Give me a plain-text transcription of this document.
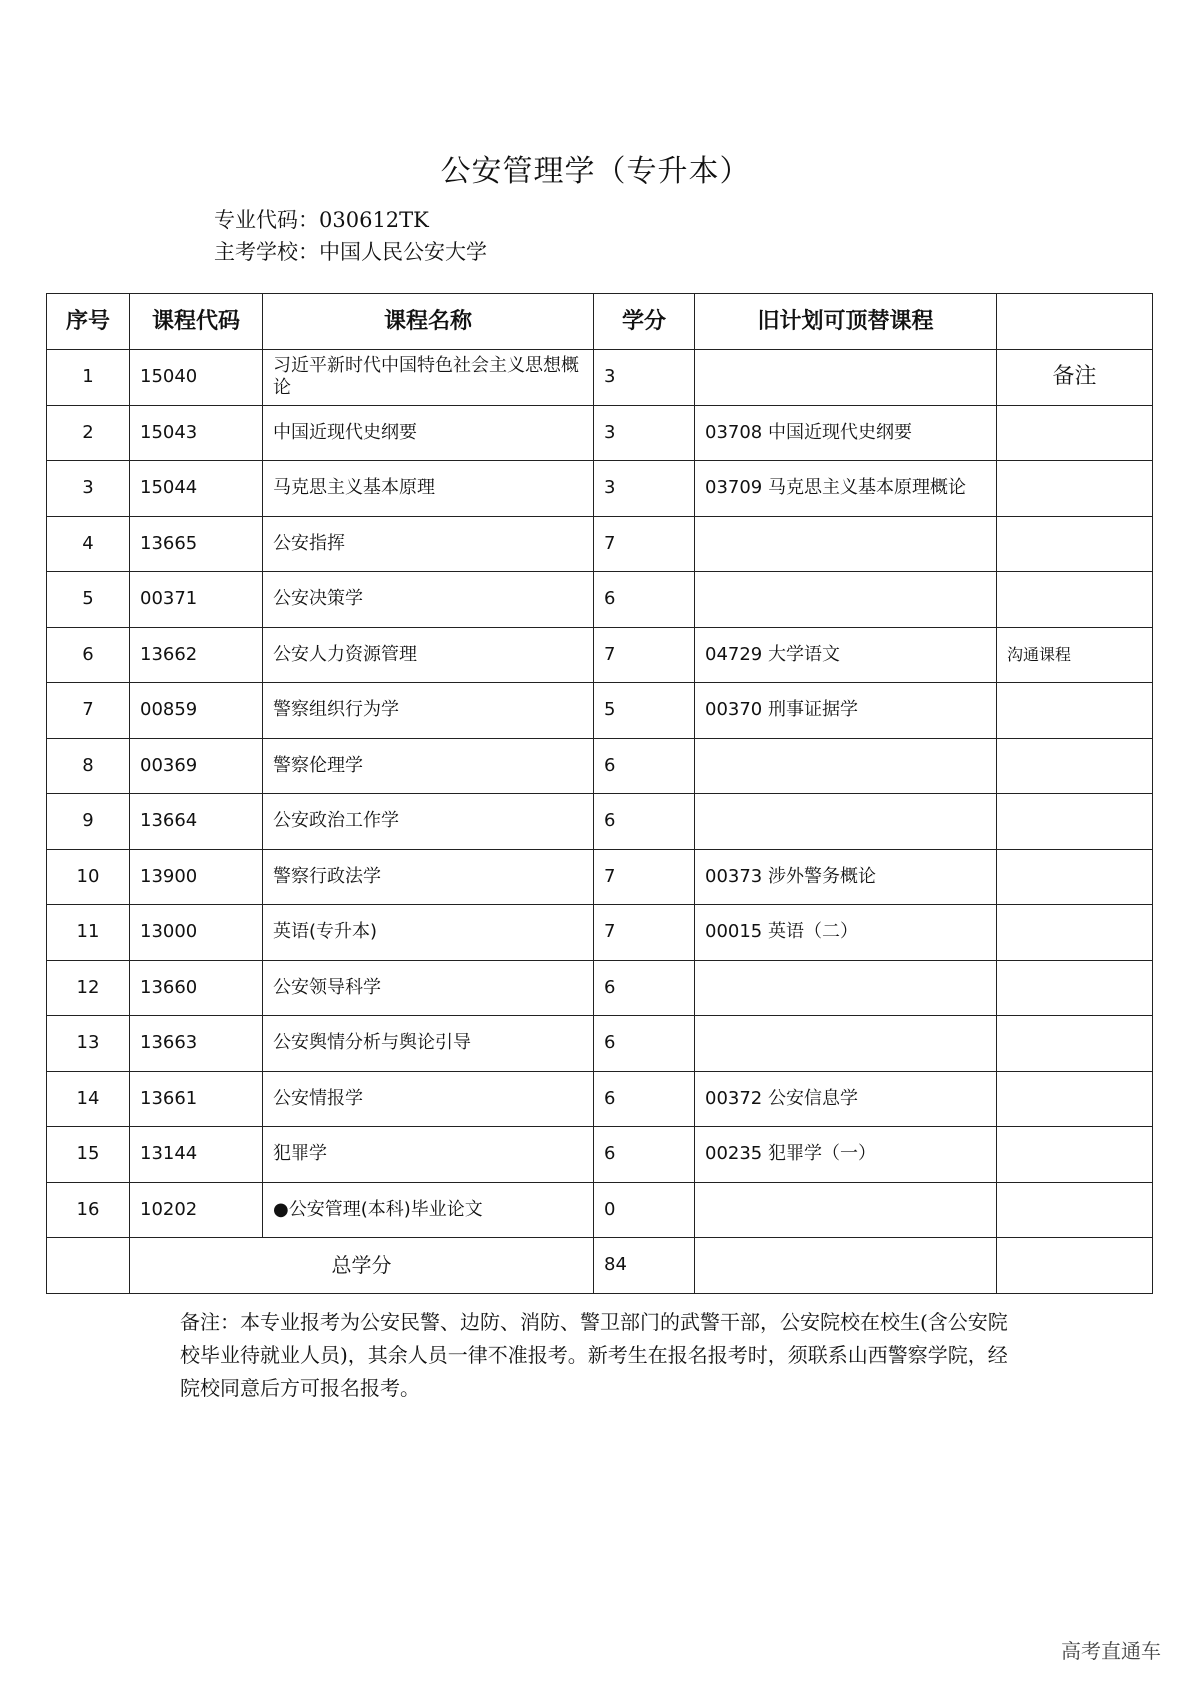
公安管理学（专升本）
专业代码：030612TK
主考学校：中国人民公安大学
序号	课程代码	课程名称	学分	旧计划可顶替课程	
1	15040	习近平新时代中国特色社会主义思想概论	3		备注
2	15043	中国近现代史纲要	3	03708 中国近现代史纲要	
3	15044	马克思主义基本原理	3	03709 马克思主义基本原理概论	
4	13665	公安指挥	7		
5	00371	公安决策学	6		
6	13662	公安人力资源管理	7	04729 大学语文	沟通课程
7	00859	警察组织行为学	5	00370 刑事证据学	
8	00369	警察伦理学	6		
9	13664	公安政治工作学	6		
10	13900	警察行政法学	7	00373 涉外警务概论	
11	13000	英语(专升本)	7	00015 英语（二）	
12	13660	公安领导科学	6		
13	13663	公安舆情分析与舆论引导	6		
14	13661	公安情报学	6	00372 公安信息学	
15	13144	犯罪学	6	00235 犯罪学（一）	
16	10202	●公安管理(本科)毕业论文	0		
	总学分		84		

备注：本专业报考为公安民警、边防、消防、警卫部门的武警干部，公安院校在校生(含公安院校毕业待就业人员)，其余人员一律不准报考。新考生在报名报考时，须联系山西警察学院，经院校同意后方可报名报考。

高考直通车
